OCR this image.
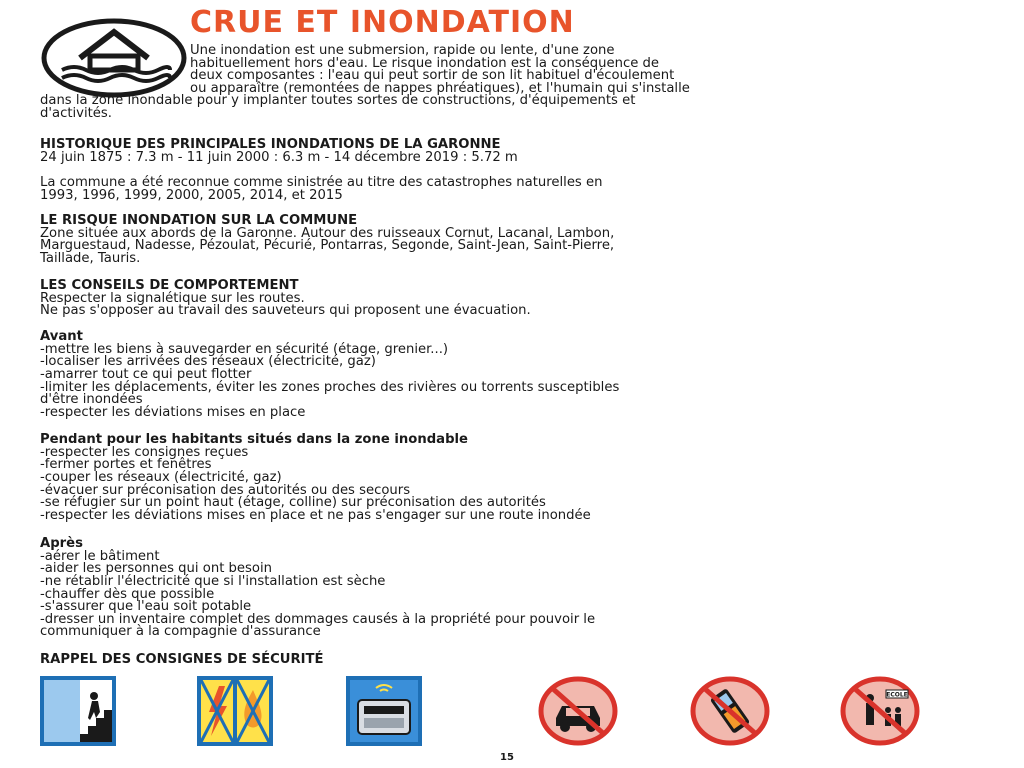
CRUE ET INONDATION
Une inondation est une submersion, rapide ou lente, d'une zone
habituellement hors d'eau. Le risque inondation est la conséquence de
deux composantes : l'eau qui peut sortir de son lit habituel d'écoulement
ou apparaître (remontées de nappes phréatiques), et l'humain qui s'installe
dans la zone inondable pour y implanter toutes sortes de constructions, d'équipements et
d'activités.
HISTORIQUE DES PRINCIPALES INONDATIONS DE LA GARONNE

24 juin 1875 : 7.3 m - 11 juin 2000 : 6.3 m - 14 décembre 2019 : 5.72 m

La commune a été reconnue comme sinistrée au titre des catastrophes naturelles en
1993, 1996, 1999, 2000, 2005, 2014, et 2015
LE RISQUE INONDATION SUR LA COMMUNE
Zone située aux abords de la Garonne. Autour des ruisseaux Cornut, Lacanal, Lambon,
Marguestaud, Nadesse, Pézoulat, Pécurié, Pontarras, Segonde, Saint-Jean, Saint-Pierre,
Taillade, Tauris.
LES CONSEILS DE COMPORTEMENT
Respecter la signalétique sur les routes.
Ne pas s'opposer au travail des sauveteurs qui proposent une évacuation.
Avant
-mettre les biens à sauvegarder en sécurité (étage, grenier...)
-localiser les arrivées des réseaux (électricité, gaz)
-amarrer tout ce qui peut flotter
-limiter les déplacements, éviter les zones proches des rivières ou torrents susceptibles
d'être inondées
-respecter les déviations mises en place
Pendant pour les habitants situés dans la zone inondable
-respecter les consignes reçues
-fermer portes et fenêtres
-couper les réseaux (électricité, gaz)
-évacuer sur préconisation des autorités ou des secours
-se réfugier sur un point haut (étage, colline) sur préconisation des autorités
-respecter les déviations mises en place et ne pas s'engager sur une route inondée
Après
-aérer le bâtiment
-aider les personnes qui ont besoin
-ne rétablir l'électricité que si l'installation est sèche
-chauffer dès que possible
-s'assurer que l'eau soit potable
-dresser un inventaire complet des dommages causés à la propriété pour pouvoir le
communiquer à la compagnie d'assurance
RAPPEL DES CONSIGNES DE SÉCURITÉ
ECOLE
15
